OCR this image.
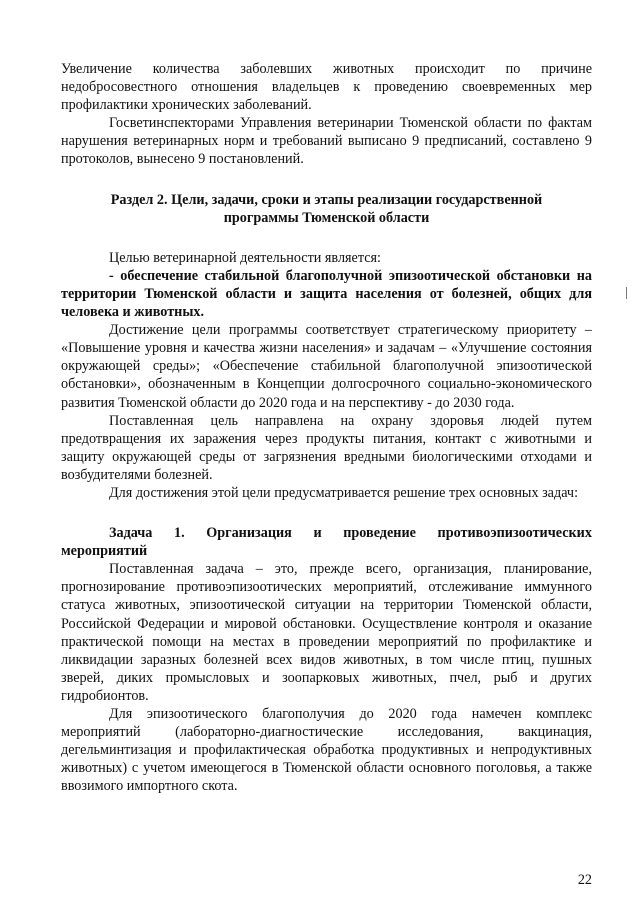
Увеличение количества заболевших животных происходит по причине недобросовестного отношения владельцев к проведению своевременных мер профилактики хронических заболеваний.

Госветинспекторами Управления ветеринарии Тюменской области по фактам нарушения ветеринарных норм и требований выписано 9 предписаний, составлено 9 протоколов, вынесено 9 постановлений.

Раздел 2. Цели, задачи, сроки и этапы реализации государственной

программы Тюменской области

Целью ветеринарной деятельности является:

- обеспечение стабильной благополучной эпизоотической обстановки на территории Тюменской области и защита населения от болезней, общих для человека и животных.

Достижение цели программы соответствует стратегическому приоритету – «Повышение уровня и качества жизни населения» и задачам – «Улучшение состояния окружающей среды»; «Обеспечение стабильной благополучной эпизоотической обстановки», обозначенным в Концепции долгосрочного социально-экономического развития Тюменской области до 2020 года и на перспективу - до 2030 года.

Поставленная цель направлена на охрану здоровья людей путем предотвращения их заражения через продукты питания, контакт с животными и защиту окружающей среды от загрязнения вредными биологическими отходами и возбудителями болезней.

Для достижения этой цели предусматривается решение трех основных задач:

Задача 1. Организация и проведение противоэпизоотических

мероприятий

Поставленная задача – это, прежде всего, организация, планирование, прогнозирование противоэпизоотических мероприятий, отслеживание иммунного статуса животных, эпизоотической ситуации на территории Тюменской области, Российской Федерации и мировой обстановки. Осуществление контроля и оказание практической помощи на местах в проведении мероприятий по профилактике и ликвидации заразных болезней всех видов животных, в том числе птиц, пушных зверей, диких промысловых и зоопарковых животных, пчел, рыб и других гидробионтов.

Для эпизоотического благополучия до 2020 года намечен комплекс мероприятий (лабораторно-диагностические исследования, вакцинация, дегельминтизация и профилактическая обработка продуктивных и непродуктивных животных) с учетом имеющегося в Тюменской области основного поголовья, а также ввозимого импортного скота.

22
